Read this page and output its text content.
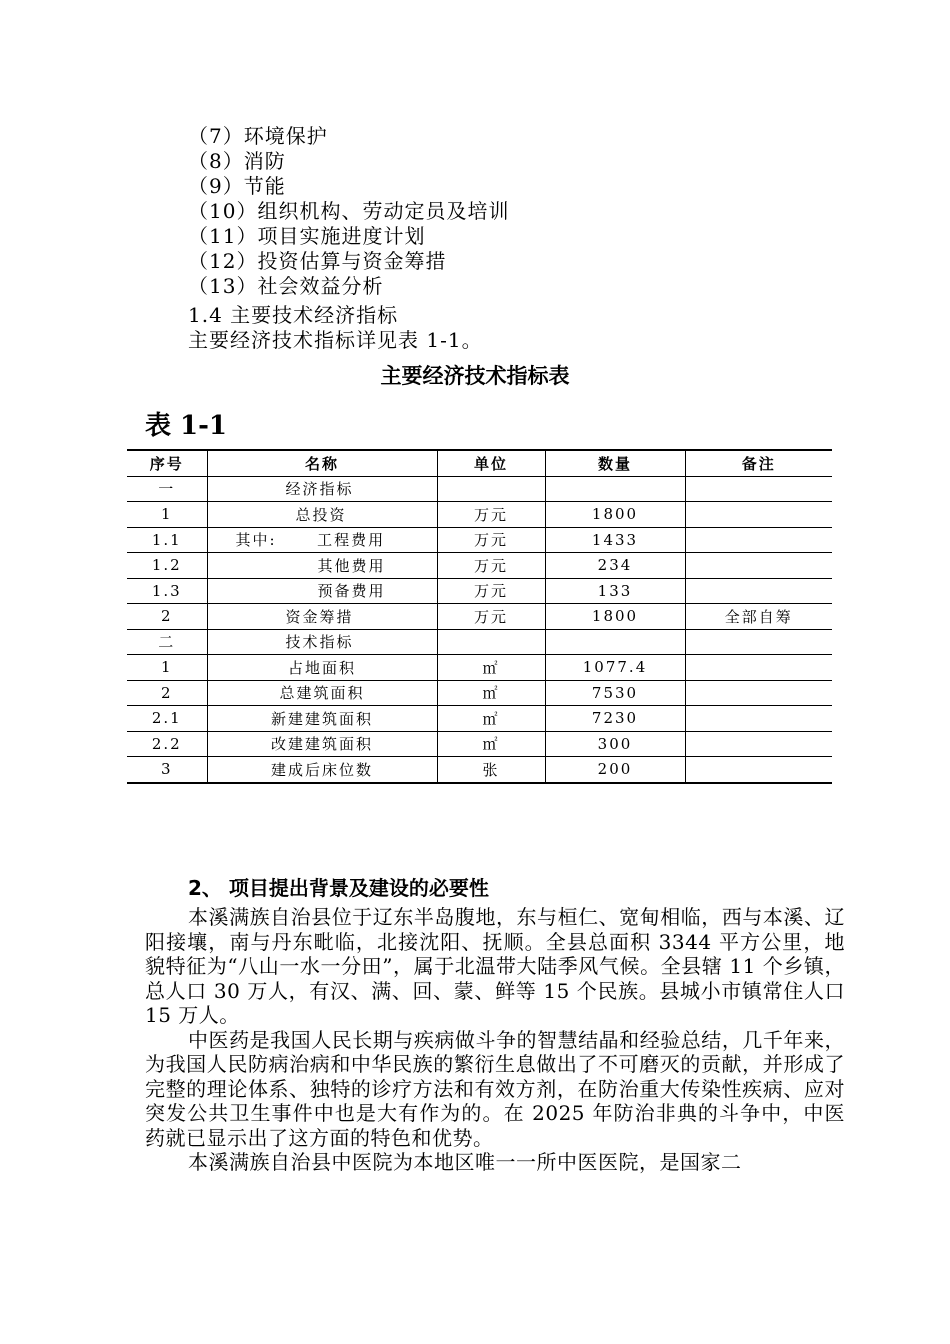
（7）环境保护
（8）消防
（9）节能
（10）组织机构、劳动定员及培训
（11）项目实施进度计划
（12）投资估算与资金筹措
（13）社会效益分析
1.4 主要技术经济指标
主要经济技术指标详见表 1-1。
主要经济技术指标表
表 1-1
序号	名称	单位	数量	备注
一	经济指标			
1	总投资	万元	1800	
1.1	其中:      工程费用	万元	1433	
1.2	其他费用	万元	234	
1.3	预备费用	万元	133	
2	资金筹措	万元	1800	全部自筹
二	技术指标			
1	占地面积	㎡	1077.4	
2	总建筑面积	㎡	7530	
2.1	新建建筑面积	㎡	7230	
2.2	改建建筑面积	㎡	300	
3	建成后床位数	张	200	
2、 项目提出背景及建设的必要性

本溪满族自治县位于辽东半岛腹地，东与桓仁、宽甸相临，西与本溪、辽阳接壤，南与丹东毗临，北接沈阳、抚顺。全县总面积 3344 平方公里，地貌特征为“八山一水一分田”，属于北温带大陆季风气候。全县辖 11 个乡镇，总人口 30 万人，有汉、满、回、蒙、鲜等 15 个民族。县城小市镇常住人口 15 万人。

中医药是我国人民长期与疾病做斗争的智慧结晶和经验总结，几千年来，为我国人民防病治病和中华民族的繁衍生息做出了不可磨灭的贡献，并形成了完整的理论体系、独特的诊疗方法和有效方剂，在防治重大传染性疾病、应对突发公共卫生事件中也是大有作为的。在 2025 年防治非典的斗争中，中医药就已显示出了这方面的特色和优势。

本溪满族自治县中医院为本地区唯一一所中医医院，是国家二
